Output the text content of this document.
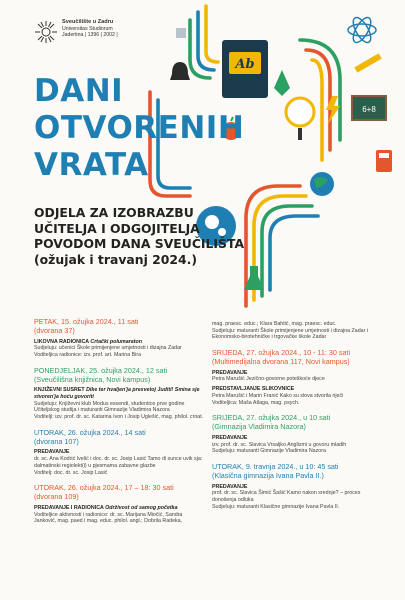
Sveučilište u Zadru
Universitas Studiorum
Jadertina | 1396 | 2002 |
Ab
6+8
DANI
OTVORENIH
VRATA
ODJELA ZA IZOBRAZBU
UČITELJA I ODGOJITELJA
POVODOM DANA SVEUČILIŠTA
(ožujak i travanj 2024.)
PETAK, 15. ožujka 2024., 11 sati
(dvorana 37)
LIKOVNA RADIONICA Crtački polumaraton
Sudjeluju: učenici Škole primijenjene umjetnosti i dizajna Zadar
Voditeljica radionice: izv. prof. art. Marina Bira
PONEDJELJAK, 25. ožujka 2024., 12 sati
(Sveučilišna knjižnica, Novi kampus)
KNJIŽEVNI SUSRET Dike ter hvaljen'ja presvetoj Juditi! Smina sje stvoren'ja hoću govoriti
Sudjeluju: Književni klub Modus essendi, studentice prve godine Učiteljskog studija i maturanti Gimnazije Vladimira Nazora
Voditelji: izv. prof. dr. sc. Katarina Ivon i Josip Uglešić, mag. philol. croat.
UTORAK, 26. ožujka 2024., 14 sati
(dvorana 107)
PREDAVANJE
dr. sc. Ana Kodrić Ivelić i doc. dr. sc. Josip Lasić Tamo di sunce uvik sja: dalmatinski regiolekt(i) u pjesmama zabavne glazbe
Voditelj: doc. dr. sc. Josip Lasić
UTORAK, 26. ožujka 2024., 17 – 18: 30 sati
(dvorana 109)
PREDAVANJE I RADIONICA Održivost od samog početka
Voditeljice aktivnosti i radionice: dr. sc. Marijana Miočić, Sandra Janković, mag. paed i mag. educ. philol. angl.; Dobrila Radeka,
mag. praesc. educ.; Klara Bahtić, mag. praesc. educ.
Sudjeluju: maturanti Škole primijenjene umjetnosti i dizajna Zadar i Ekonomsko-birotehničke i trgovačke škole Zadar
SRIJEDA, 27. ožujka 2024., 10 - 11: 30 sati
(Multimedijalna dvorana 117, Novi kampus)
PREDAVANJE
Petra Marušić Jezično-govorne poteškoće djece
PREDSTAVLJANJE SLIKOVNICE
Petra Marušić i Marin Franić Kako su slova stvorila riječi
Voditeljica: Maša Atlaga, mag. psych.
SRIJEDA, 27. ožujka 2024., u 10 sati
(Gimnazija Vladimira Nazora)
PREDAVANJE
izv. prof. dr. sc. Slavica Vrsaljko Anglizmi u govoru mladih
Sudjeluju: maturanti Gimnazije Vladimira Nazora
UTORAK, 9. travnja 2024., u 10: 45 sati
(Klasična gimnazija Ivana Pavla II.)
PREDAVANJE
prof. dr. sc. Slavica Šimić Šašić Kamo nakon srednje? – proces donošenja odluka
Sudjeluju: maturanti Klasične gimnazije Ivana Pavla II.
